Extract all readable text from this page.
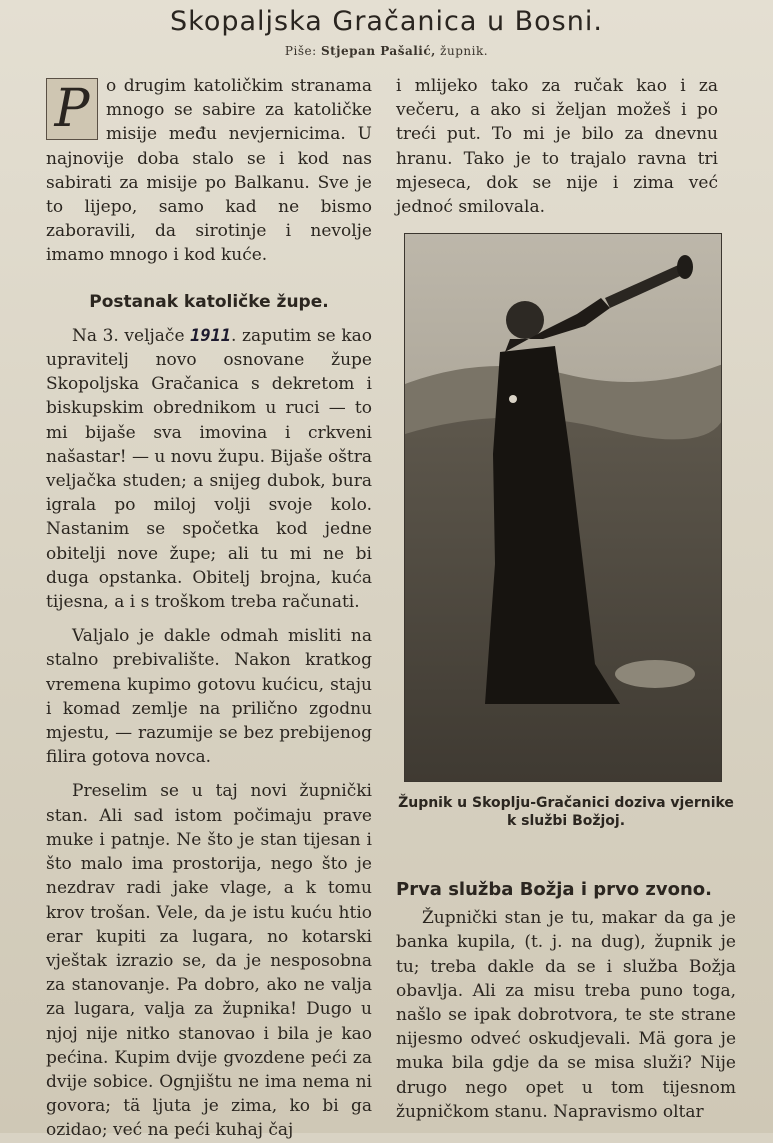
Skopaljska Gračanica u Bosni.
Piše: Stjepan Pašalić, župnik.

P o drugim katoličkim stranama mnogo se sabire za katoličke misije među nevjernicima. U najnovije doba stalo se i kod nas sabirati za misije po Balkanu. Sve je to lijepo, samo kad ne bismo zaboravili, da sirotinje i nevolje imamo mnogo i kod kuće.

Postanak katoličke župe.

Na 3. veljače 1911. zaputim se kao upravitelj novo osnovane župe Skopoljska Gračanica s dekretom i biskupskim obrednikom u ruci — to mi bijaše sva imovina i crkveni našastar! — u novu župu. Bijaše oštra veljačka studen; a snijeg dubok, bura igrala po miloj volji svoje kolo. Nastanim se spočetka kod jedne obitelji nove župe; ali tu mi ne bi duga opstanka. Obitelj brojna, kuća tijesna, a i s troškom treba računati.

Valjalo je dakle odmah misliti na stalno prebivalište. Nakon kratkog vremena kupimo gotovu kućicu, staju i komad zemlje na prilično zgodnu mjestu, — razumije se bez prebijenog filira gotova novca.

Preselim se u taj novi župnički stan. Ali sad istom počimaju prave muke i patnje. Ne što je stan tijesan i što malo ima prostorija, nego što je nezdrav radi jake vlage, a k tomu krov trošan. Vele, da je istu kuću htio erar kupiti za lugara, no kotarski vještak izrazio se, da je nesposobna za stanovanje. Pa dobro, ako ne valja za lugara, valja za župnika! Dugo u njoj nije nitko stanovao i bila je kao pećina. Kupim dvije gvozdene peći za dvije sobice. Ognjištu ne ima nema ni govora; tä ljuta je zima, ko bi ga ozidao; već na peći kuhaj čaj

i mlijeko tako za ručak kao i za večeru, a ako si željan možeš i po treći put. To mi je bilo za dnevnu hranu. Tako je to trajalo ravna tri mjeseca, dok se nije i zima već jednoć smilovala.

Župnik u Skoplju-Gračanici doziva vjernike k službi Božjoj.

Prva služba Božja i prvo zvono.

Župnički stan je tu, makar da ga je banka kupila, (t. j. na dug), župnik je tu; treba dakle da se i služba Božja obavlja. Ali za misu treba puno toga, našlo se ipak dobrotvora, te ste strane nijesmo odveć oskudjevali. Mä gora je muka bila gdje da se misa služi? Nije drugo nego opet u tom tijesnom župničkom stanu. Napravismo oltar
